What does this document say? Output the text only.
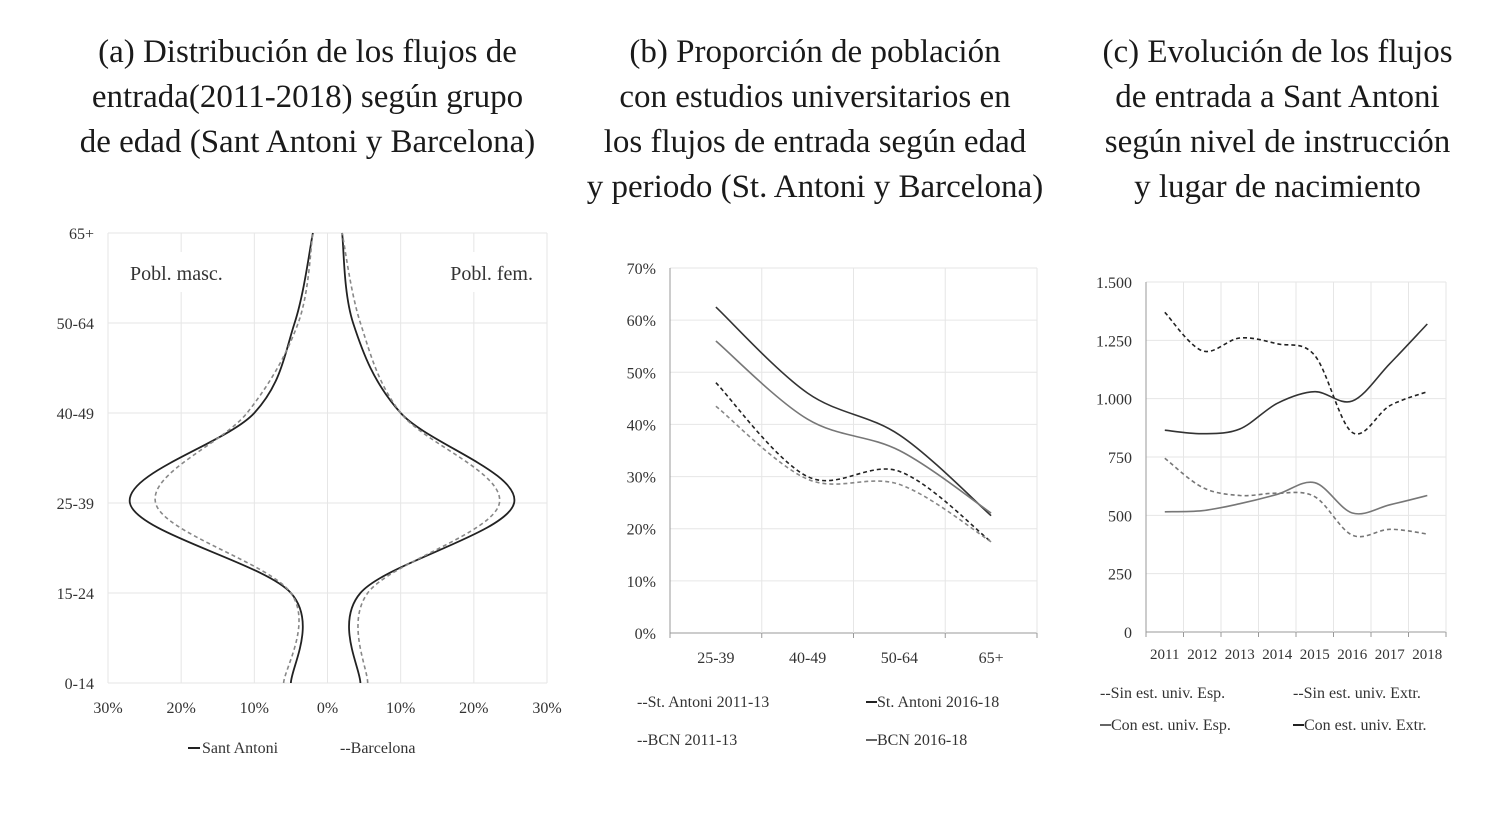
(a) Distribución de los flujos de
entrada(2011-2018) según grupo
de edad (Sant Antoni y Barcelona)
(b) Proporción de población
con estudios universitarios en
los flujos de entrada según edad
y periodo (St. Antoni y Barcelona)
(c) Evolución de los flujos
de entrada a Sant Antoni
según nivel de instrucción
y lugar de nacimiento
30%	20%	10%	0%	10%	20%	30%
0-14
15-24
25-39
40-49
50-64
65+
Pobl. masc.	Pobl. fem.
Sant Antoni	--Barcelona
0%
10%
20%
30%
40%
50%
60%
70%
25-39	40-49	50-64	65+
--St. Antoni 2011-13	St. Antoni 2016-18
--BCN 2011-13	BCN 2016-18
0
250
500
750
1.000
1.250
1.500
2011 2012 2013 2014 2015 2016 2017 2018
--Sin est. univ. Esp.	--Sin est. univ. Extr.
Con est. univ. Esp.	Con est. univ. Extr.
